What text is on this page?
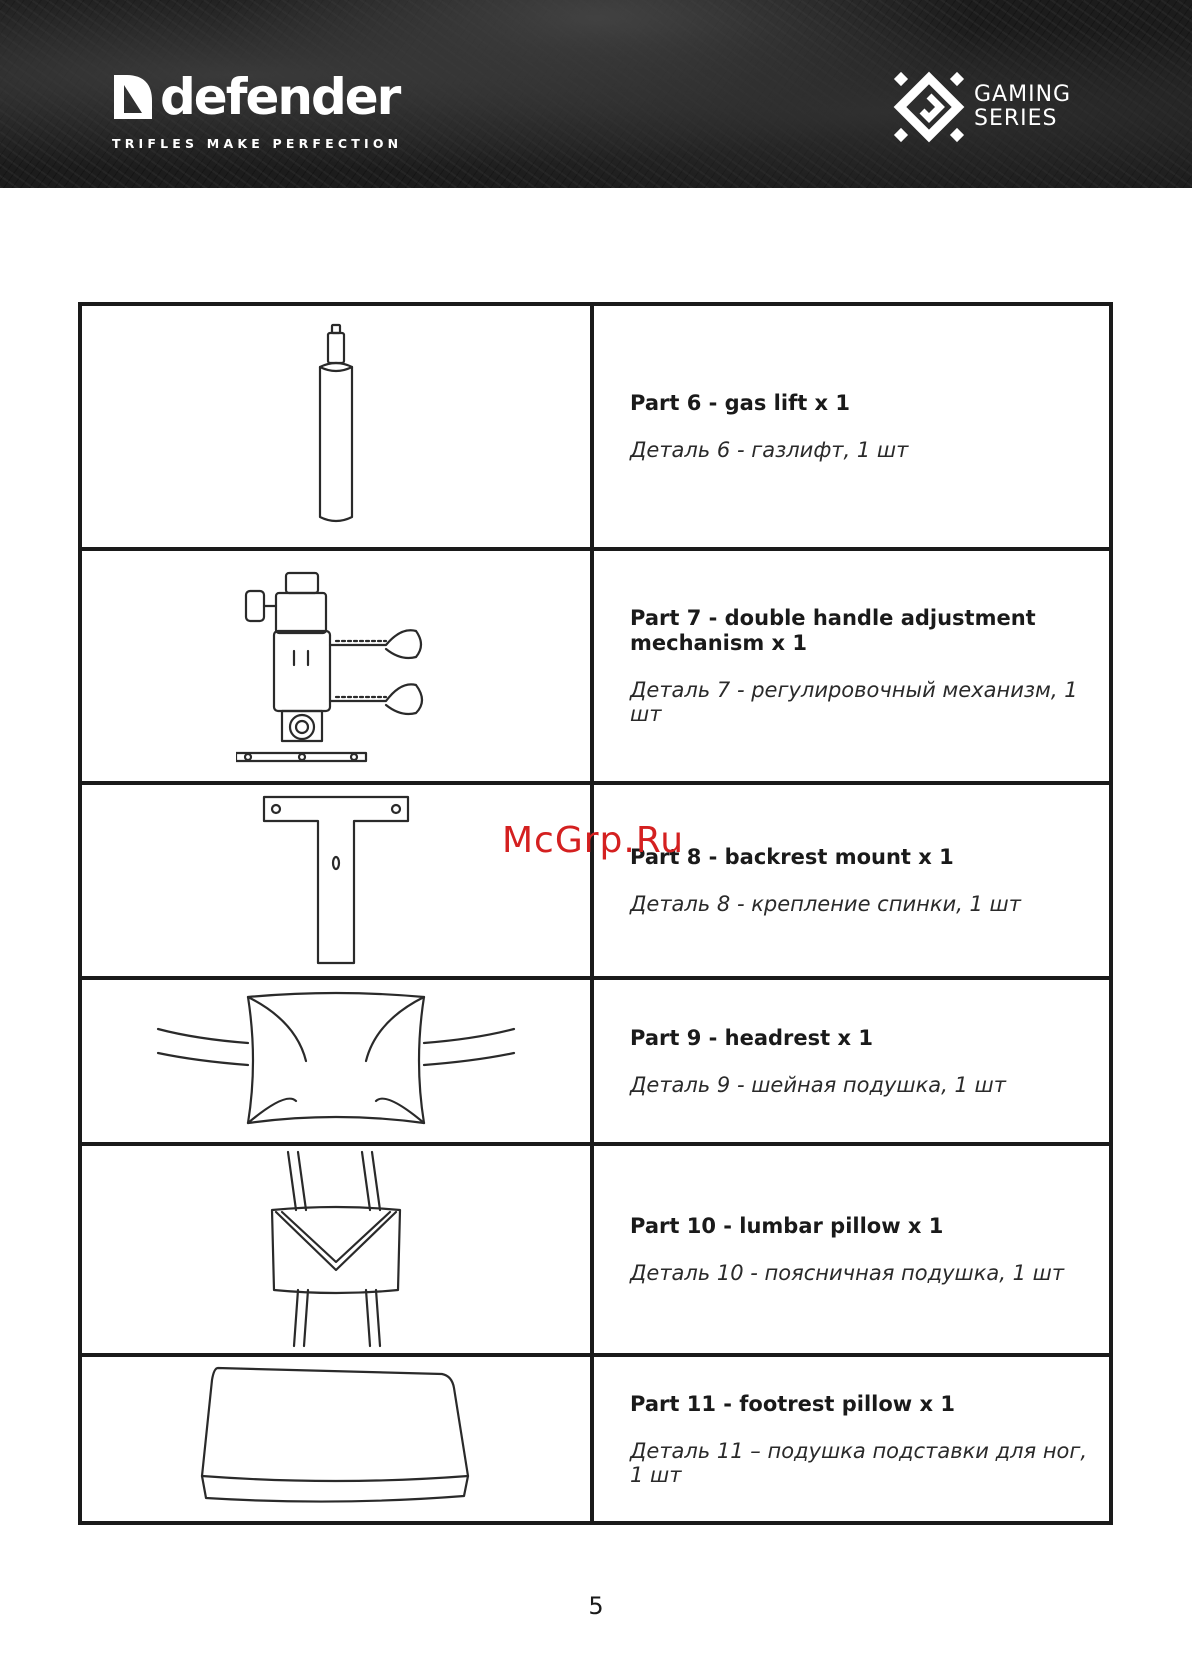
defender
TRIFLES MAKE PERFECTION
GAMING
SERIES

Part 6 - gas lift x 1
Деталь 6 - газлифт, 1 шт

Part 7 - double handle adjustment mechanism x 1
Деталь 7 - регулировочный механизм, 1 шт

Part 8 - backrest mount x 1
Деталь 8 - крепление спинки, 1 шт

Part 9 - headrest x 1
Деталь 9 - шейная подушка, 1 шт

Part 10 - lumbar pillow x 1
Деталь 10 - поясничная подушка, 1 шт

Part 11 - footrest pillow x 1
Деталь 11 – подушка подставки для ног, 1 шт
McGrp.Ru
5
